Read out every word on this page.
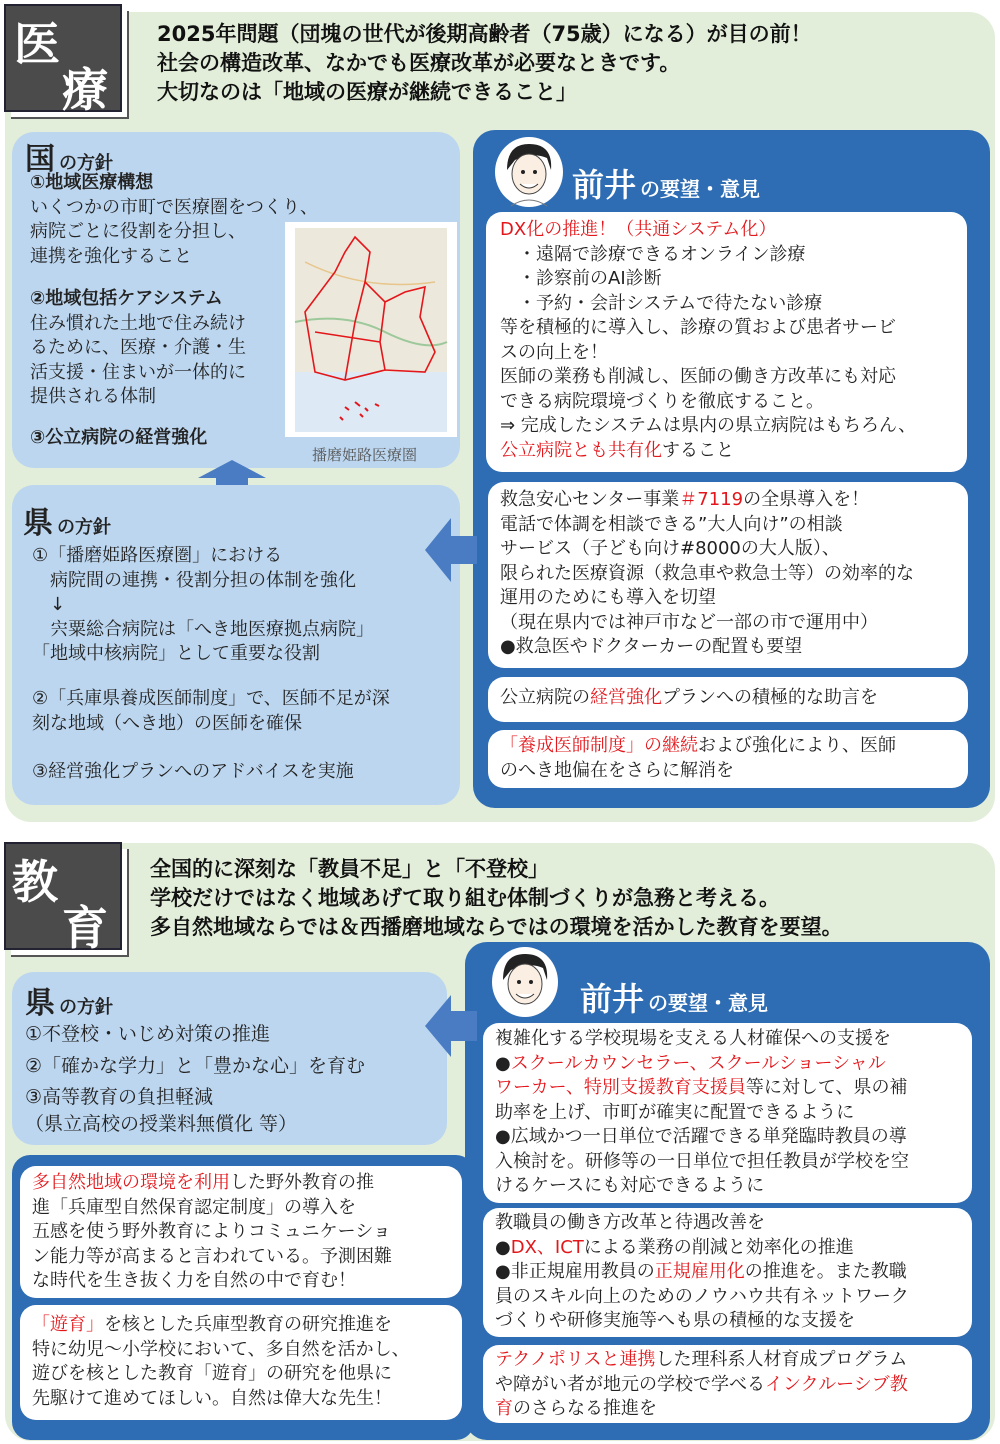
医
療
2025年問題（団塊の世代が後期高齢者（75歳）になる）が目の前！
社会の構造改革、なかでも医療改革が必要なときです。
大切なのは「地域の医療が継続できること」
国の方針
①地域医療構想
いくつかの市町で医療圏をつくり、
病院ごとに役割を分担し、
連携を強化すること
②地域包括ケアシステム
住み慣れた土地で住み続け
るために、医療・介護・生
活支援・住まいが一体的に
提供される体制
③公立病院の経営強化
播磨姫路医療圏
県の方針
①「播磨姫路医療圏」における
　病院間の連携・役割分担の体制を強化
　↓
　宍粟総合病院は「へき地医療拠点病院」
「地域中核病院」として重要な役割
②「兵庫県養成医師制度」で、医師不足が深
刻な地域（へき地）の医師を確保
③経営強化プランへのアドバイスを実施
前井 の要望・意見
DX化の推進！（共通システム化）
　・遠隔で診療できるオンライン診療
　・診察前のAI診断
　・予約・会計システムで待たない診療
等を積極的に導入し、診療の質および患者サービ
スの向上を！
医師の業務も削減し、医師の働き方改革にも対応
できる病院環境づくりを徹底すること。
⇒ 完成したシステムは県内の県立病院はもちろん、
公立病院とも共有化すること
救急安心センター事業＃7119の全県導入を！
電話で体調を相談できる”大人向け”の相談
サービス（子ども向け#8000の大人版）、
限られた医療資源（救急車や救急士等）の効率的な
運用のためにも導入を切望
（現在県内では神戸市など一部の市で運用中）
●救急医やドクターカーの配置も要望
公立病院の経営強化プランへの積極的な助言を
「養成医師制度」の継続および強化により、医師
のへき地偏在をさらに解消を
教
育
全国的に深刻な「教員不足」と「不登校」
学校だけではなく地域あげて取り組む体制づくりが急務と考える。
多自然地域ならでは＆西播磨地域ならではの環境を活かした教育を要望。
県の方針
①不登校・いじめ対策の推進
②「確かな学力」と「豊かな心」を育む
③高等教育の負担軽減
（県立高校の授業料無償化 等）
前井 の要望・意見
複雑化する学校現場を支える人材確保への支援を
●スクールカウンセラー、スクールショーシャル
ワーカー、特別支援教育支援員等に対して、県の補
助率を上げ、市町が確実に配置できるように
●広域かつ一日単位で活躍できる単発臨時教員の導
入検討を。研修等の一日単位で担任教員が学校を空
けるケースにも対応できるように
教職員の働き方改革と待遇改善を
●DX、ICTによる業務の削減と効率化の推進
●非正規雇用教員の正規雇用化の推進を。また教職
員のスキル向上のためのノウハウ共有ネットワーク
づくりや研修実施等へも県の積極的な支援を
テクノポリスと連携した理科系人材育成プログラム
や障がい者が地元の学校で学べるインクルーシブ教
育のさらなる推進を
多自然地域の環境を利用した野外教育の推
進「兵庫型自然保育認定制度」の導入を
五感を使う野外教育によりコミュニケーショ
ン能力等が高まると言われている。予測困難
な時代を生き抜く力を自然の中で育む！
「遊育」を核とした兵庫型教育の研究推進を
特に幼児～小学校において、多自然を活かし、
遊びを核とした教育「遊育」の研究を他県に
先駆けて進めてほしい。自然は偉大な先生！
